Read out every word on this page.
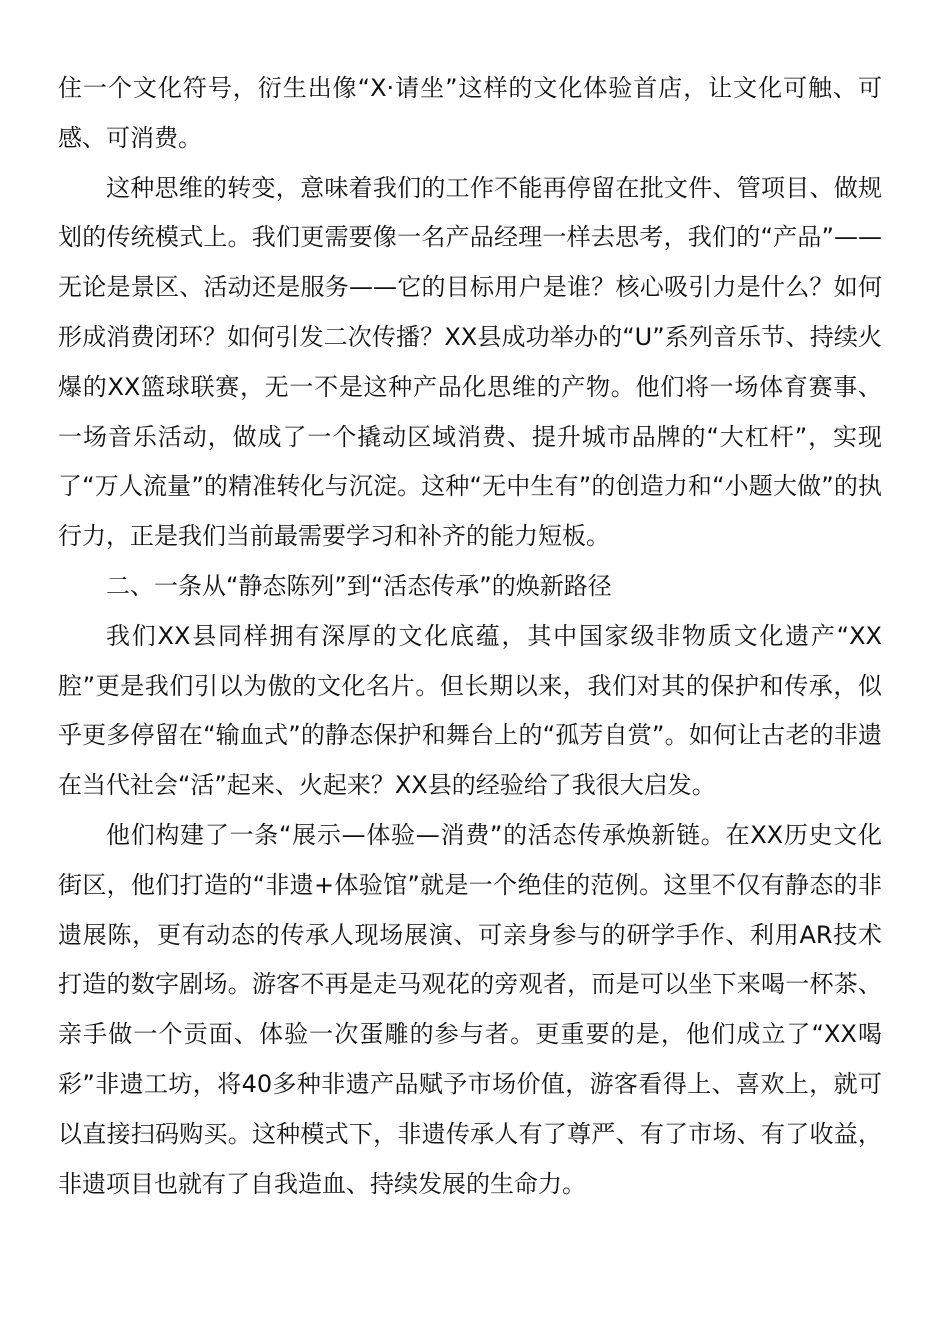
住一个文化符号，衍生出像“X·请坐”这样的文化体验首店，让文化可触、可感、可消费。

这种思维的转变，意味着我们的工作不能再停留在批文件、管项目、做规划的传统模式上。我们更需要像一名产品经理一样去思考，我们的“产品”——无论是景区、活动还是服务——它的目标用户是谁？核心吸引力是什么？如何形成消费闭环？如何引发二次传播？XX县成功举办的“U”系列音乐节、持续火爆的XX篮球联赛，无一不是这种产品化思维的产物。他们将一场体育赛事、一场音乐活动，做成了一个撬动区域消费、提升城市品牌的“大杠杆”，实现了“万人流量”的精准转化与沉淀。这种“无中生有”的创造力和“小题大做”的执行力，正是我们当前最需要学习和补齐的能力短板。

二、一条从“静态陈列”到“活态传承”的焕新路径

我们XX县同样拥有深厚的文化底蕴，其中国家级非物质文化遗产“XX腔”更是我们引以为傲的文化名片。但长期以来，我们对其的保护和传承，似乎更多停留在“输血式”的静态保护和舞台上的“孤芳自赏”。如何让古老的非遗在当代社会“活”起来、火起来？XX县的经验给了我很大启发。

他们构建了一条“展示—体验—消费”的活态传承焕新链。在XX历史文化街区，他们打造的“非遗+体验馆”就是一个绝佳的范例。这里不仅有静态的非遗展陈，更有动态的传承人现场展演、可亲身参与的研学手作、利用AR技术打造的数字剧场。游客不再是走马观花的旁观者，而是可以坐下来喝一杯茶、亲手做一个贡面、体验一次蛋雕的参与者。更重要的是，他们成立了“XX喝彩”非遗工坊，将40多种非遗产品赋予市场价值，游客看得上、喜欢上，就可以直接扫码购买。这种模式下，非遗传承人有了尊严、有了市场、有了收益，非遗项目也就有了自我造血、持续发展的生命力。
